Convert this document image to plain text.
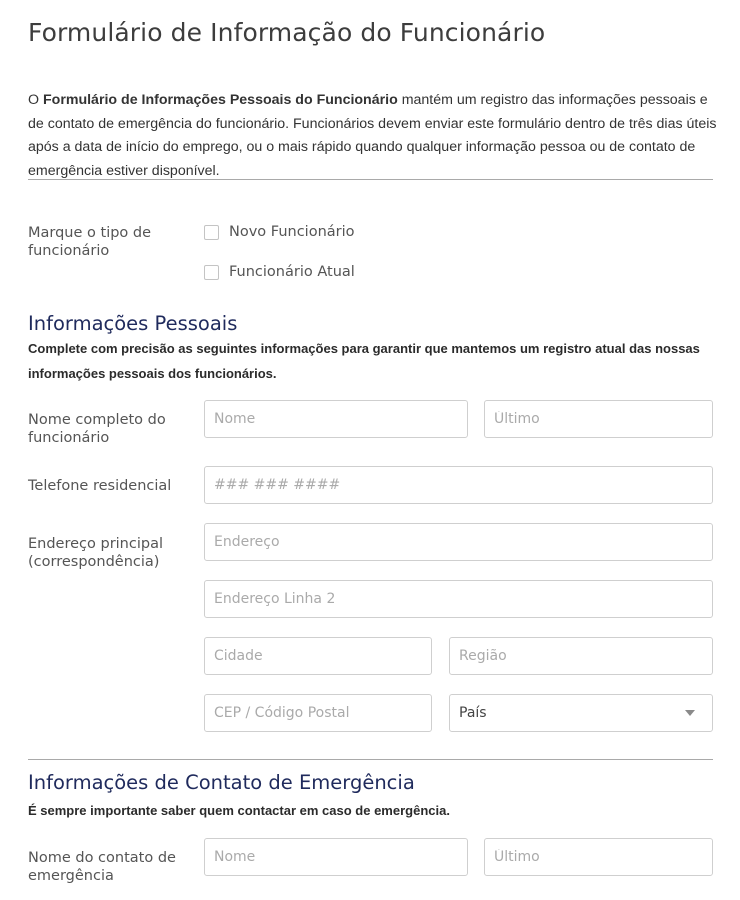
Formulário de Informação do Funcionário
O Formulário de Informações Pessoais do Funcionário mantém um registro das informações pessoais e de contato de emergência do funcionário. Funcionários devem enviar este formulário dentro de três dias úteis após a data de início do emprego, ou o mais rápido quando qualquer informação pessoa ou de contato de emergência estiver disponível.
Marque o tipo de funcionário
Novo Funcionário
Funcionário Atual
Informações Pessoais
Complete com precisão as seguintes informações para garantir que mantemos um registro atual das nossas informações pessoais dos funcionários.
Nome completo do funcionário
Nome
Último
Telefone residencial
### ### ####
Endereço principal (correspondência)
Endereço
Endereço Linha 2
Cidade
Região
CEP / Código Postal
País
Informações de Contato de Emergência
É sempre importante saber quem contactar em caso de emergência.
Nome do contato de emergência
Nome
Último
